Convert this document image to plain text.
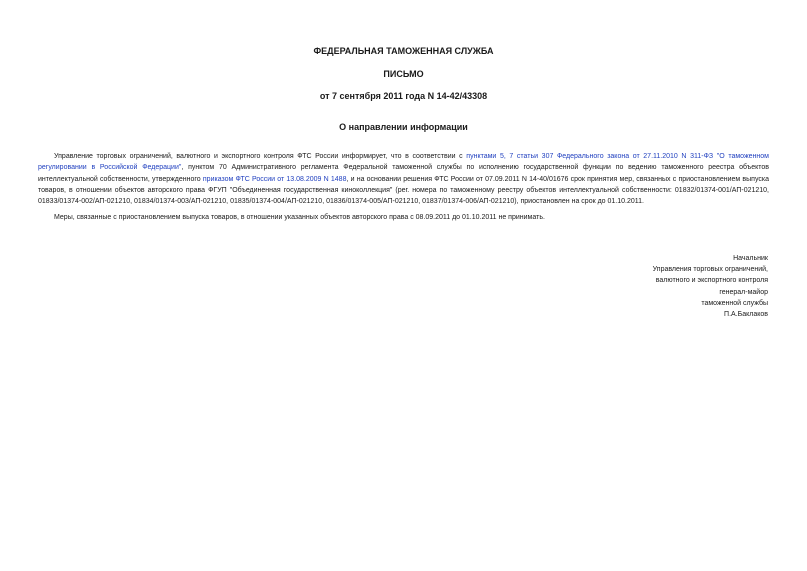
ФЕДЕРАЛЬНАЯ ТАМОЖЕННАЯ СЛУЖБА
ПИСЬМО
от 7 сентября 2011 года N 14-42/43308
О направлении информации
Управление торговых ограничений, валютного и экспортного контроля ФТС России информирует, что в соответствии с пунктами 5, 7 статьи 307 Федерального закона от 27.11.2010 N 311-ФЗ "О таможенном регулировании в Российской Федерации", пунктом 70 Административного регламента Федеральной таможенной службы по исполнению государственной функции по ведению таможенного реестра объектов интеллектуальной собственности, утвержденного приказом ФТС России от 13.08.2009 N 1488, и на основании решения ФТС России от 07.09.2011 N 14-40/01676 срок принятия мер, связанных с приостановлением выпуска товаров, в отношении объектов авторского права ФГУП "Объединенная государственная киноколлекция" (рег. номера по таможенному реестру объектов интеллектуальной собственности: 01832/01374-001/АП-021210, 01833/01374-002/АП-021210, 01834/01374-003/АП-021210, 01835/01374-004/АП-021210, 01836/01374-005/АП-021210, 01837/01374-006/АП-021210), приостановлен на срок до 01.10.2011.
Меры, связанные с приостановлением выпуска товаров, в отношении указанных объектов авторского права с 08.09.2011 до 01.10.2011 не принимать.
Начальник
Управления торговых ограничений,
валютного и экспортного контроля
генерал-майор
таможенной службы
П.А.Баклаков
